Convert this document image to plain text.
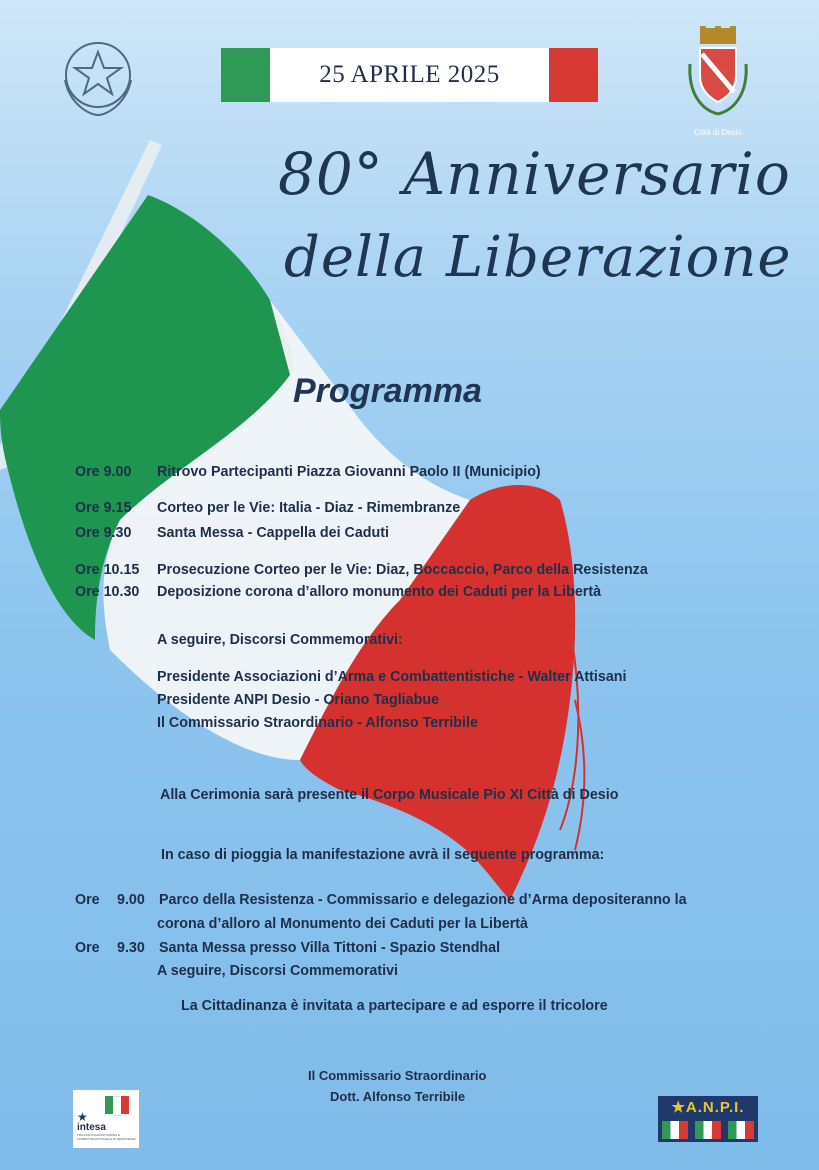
25 APRILE 2025
Città di Desio
80° Anniversario
della Liberazione
Programma
Ore 9.00 Ritrovo Partecipanti Piazza Giovanni Paolo II (Municipio)
Ore 9.15 Corteo per le Vie: Italia - Diaz - Rimembranze
Ore 9.30 Santa Messa - Cappella dei Caduti
Ore 10.15 Prosecuzione Corteo per le Vie: Diaz, Boccaccio, Parco della Resistenza
Ore 10.30 Deposizione corona d’alloro monumento dei Caduti per la Libertà
A seguire, Discorsi Commemorativi:
Presidente Associazioni d’Arma e Combattentistiche - Walter Attisani
Presidente ANPI Desio - Oriano Tagliabue
Il Commissario Straordinario - Alfonso Terribile
Alla Cerimonia sarà presente il Corpo Musicale Pio XI Città di Desio
In caso di pioggia la manifestazione avrà il seguente programma:
Ore 9.00 Parco della Resistenza - Commissario e delegazione d’Arma depositeranno la
corona d’alloro al Monumento dei Caduti per la Libertà
Ore 9.30 Santa Messa presso Villa Tittoni - Spazio Stendhal
A seguire, Discorsi Commemorativi
La Cittadinanza è invitata a partecipare e ad esporre il tricolore
Il Commissario Straordinario
Dott. Alfonso Terribile
★
intesa
TRA ASSOCIAZIONI D'ARMA E COMBATTENTISTICHE E DI RESISTENZA
★A.N.P.I.
